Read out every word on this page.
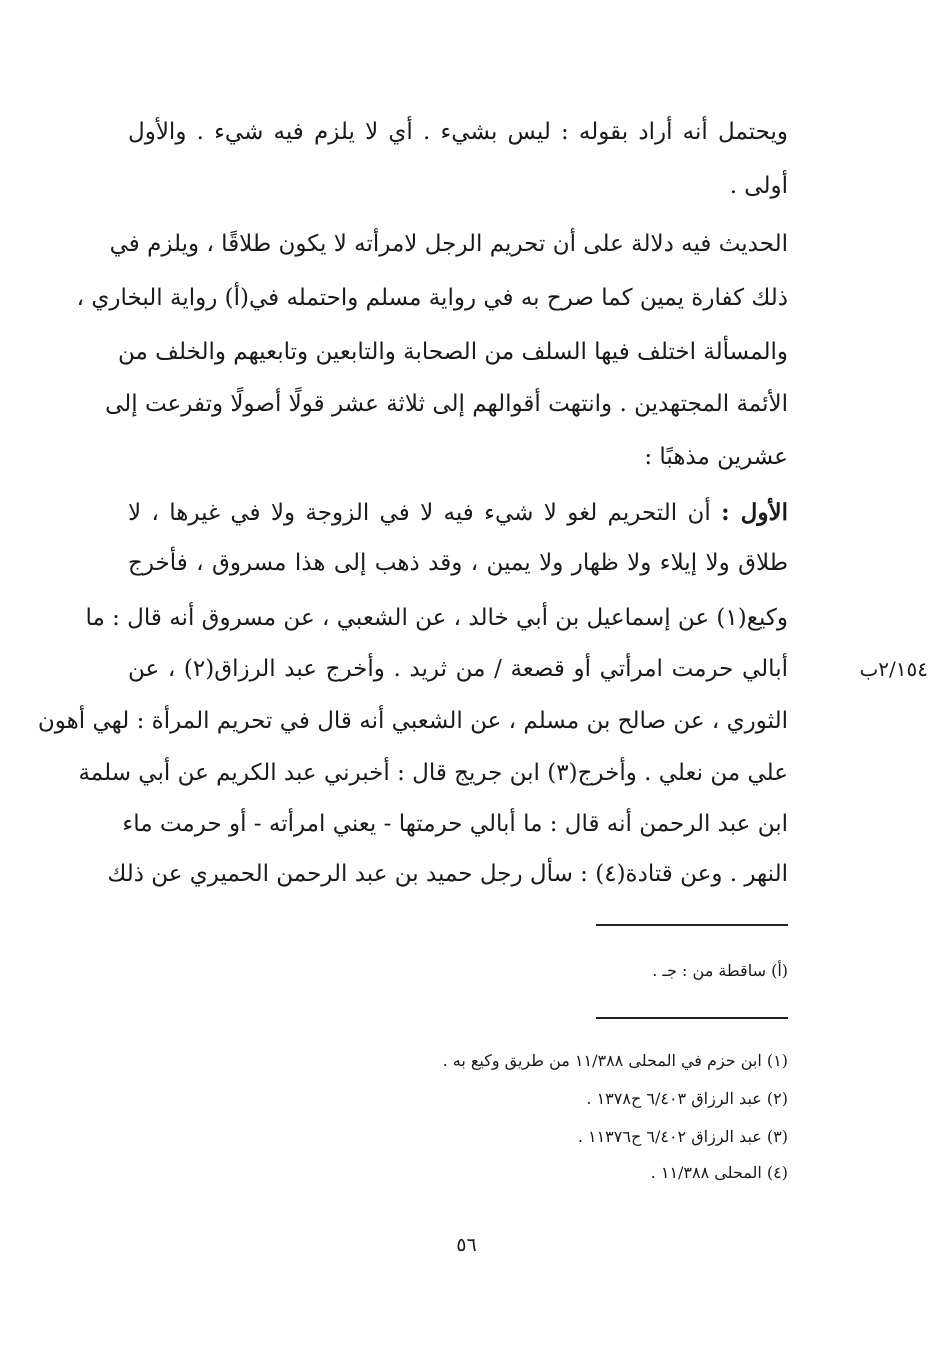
ويحتمل أنه أراد بقوله : ليس بشيء . أي لا يلزم فيه شيء . والأول
أولى .
الحديث فيه دلالة على أن تحريم الرجل لامرأته لا يكون طلاقًا ، ويلزم في
ذلك كفارة يمين كما صرح به في رواية مسلم واحتمله في(أ) رواية البخاري ،
والمسألة اختلف فيها السلف من الصحابة والتابعين وتابعيهم والخلف من
الأئمة المجتهدين . وانتهت أقوالهم إلى ثلاثة عشر قولًا أصولًا وتفرعت إلى
عشرين مذهبًا :
الأول : أن التحريم لغو لا شيء فيه لا في الزوجة ولا في غيرها ، لا
طلاق ولا إيلاء ولا ظهار ولا يمين ، وقد ذهب إلى هذا مسروق ، فأخرج
وكيع(١) عن إسماعيل بن أبي خالد ، عن الشعبي ، عن مسروق أنه قال : ما
أبالي حرمت امرأتي أو قصعة / من ثريد . وأخرج عبد الرزاق(٢) ، عن	٢/١٥٤ب
الثوري ، عن صالح بن مسلم ، عن الشعبي أنه قال في تحريم المرأة : لهي أهون
علي من نعلي . وأخرج(٣) ابن جريج قال : أخبرني عبد الكريم عن أبي سلمة
ابن عبد الرحمن أنه قال : ما أبالي حرمتها - يعني امرأته - أو حرمت ماء
النهر . وعن قتادة(٤) : سأل رجل حميد بن عبد الرحمن الحميري عن ذلك
(أ) ساقطة من : جـ .
(١) ابن حزم في المحلى ١١/٣٨٨ من طريق وكيع به .
(٢) عبد الرزاق ٦/٤٠٣ ح١٣٧٨ .
(٣) عبد الرزاق ٦/٤٠٢ ح١١٣٧٦ .
(٤) المحلى ١١/٣٨٨ .
٥٦
